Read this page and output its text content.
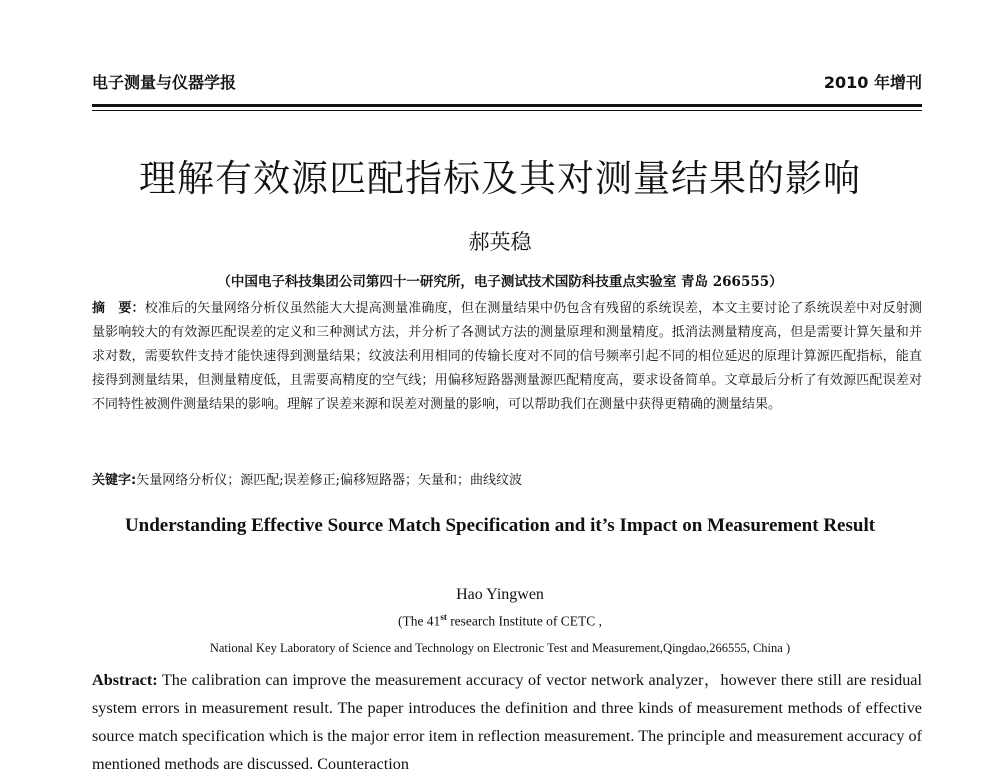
电子测量与仪器学报	2010 年增刊
理解有效源匹配指标及其对测量结果的影响
郝英稳
（中国电子科技集团公司第四十一研究所，电子测试技术国防科技重点实验室 青岛 266555）
摘　要：校准后的矢量网络分析仪虽然能大大提高测量准确度，但在测量结果中仍包含有残留的系统误差，本文主要讨论了系统误差中对反射测量影响较大的有效源匹配误差的定义和三种测试方法，并分析了各测试方法的测量原理和测量精度。抵消法测量精度高，但是需要计算矢量和并求对数，需要软件支持才能快速得到测量结果；纹波法利用相同的传输长度对不同的信号频率引起不同的相位延迟的原理计算源匹配指标，能直接得到测量结果，但测量精度低，且需要高精度的空气线；用偏移短路器测量源匹配精度高，要求设备简单。文章最后分析了有效源匹配误差对不同特性被测件测量结果的影响。理解了误差来源和误差对测量的影响，可以帮助我们在测量中获得更精确的测量结果。
关键字:矢量网络分析仪；源匹配;误差修正;偏移短路器；矢量和；曲线纹波
Understanding Effective Source Match Specification and it’s Impact on Measurement Result
Hao Yingwen
(The 41st research Institute of CETC ,
National Key Laboratory of Science and Technology on Electronic Test and Measurement,Qingdao,266555, China )
Abstract: The calibration can improve the measurement accuracy of vector network analyzer，however there still are residual system errors in measurement result. The paper introduces the definition and three kinds of measurement methods of effective source match specification which is the major error item in reflection measurement. The principle and measurement accuracy of mentioned methods are discussed. Counteraction
